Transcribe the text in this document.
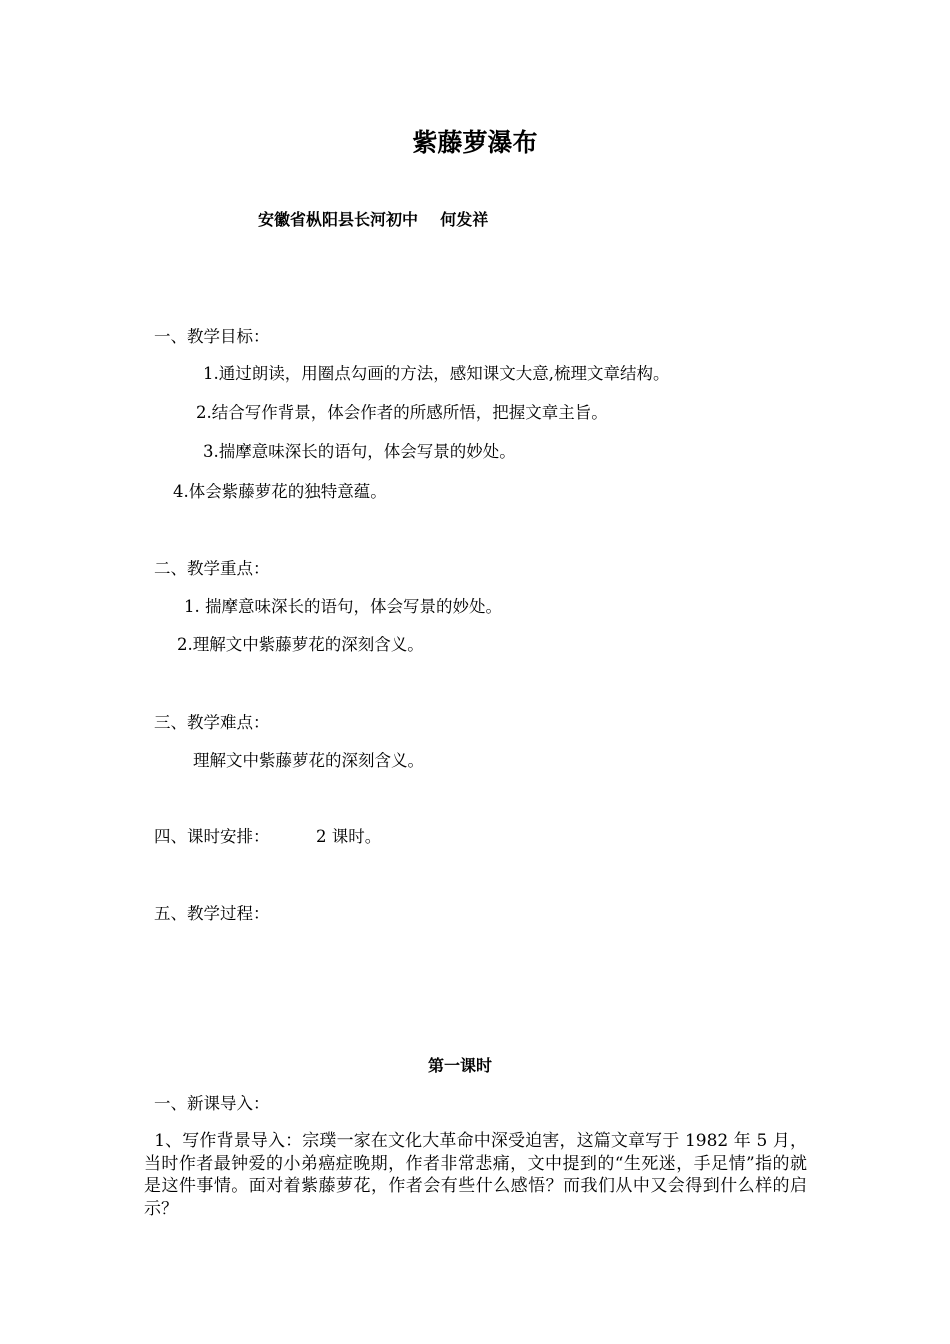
紫藤萝瀑布
安徽省枞阳县长河初中    何发祥
一、教学目标：
1.通过朗读，用圈点勾画的方法，感知课文大意,梳理文章结构。
2.结合写作背景，体会作者的所感所悟，把握文章主旨。
3.揣摩意味深长的语句，体会写景的妙处。
4.体会紫藤萝花的独特意蕴。
二、教学重点：
1. 揣摩意味深长的语句，体会写景的妙处。
2.理解文中紫藤萝花的深刻含义。
三、教学难点：
理解文中紫藤萝花的深刻含义。
四、课时安排：	2 课时。
五、教学过程：
第一课时
一、新课导入：
1、写作背景导入：宗璞一家在文化大革命中深受迫害，这篇文章写于 1982 年 5 月，当时作者最钟爱的小弟癌症晚期，作者非常悲痛，文中提到的“生死迷，手足情”指的就是这件事情。面对着紫藤萝花，作者会有些什么感悟？而我们从中又会得到什么样的启示？
